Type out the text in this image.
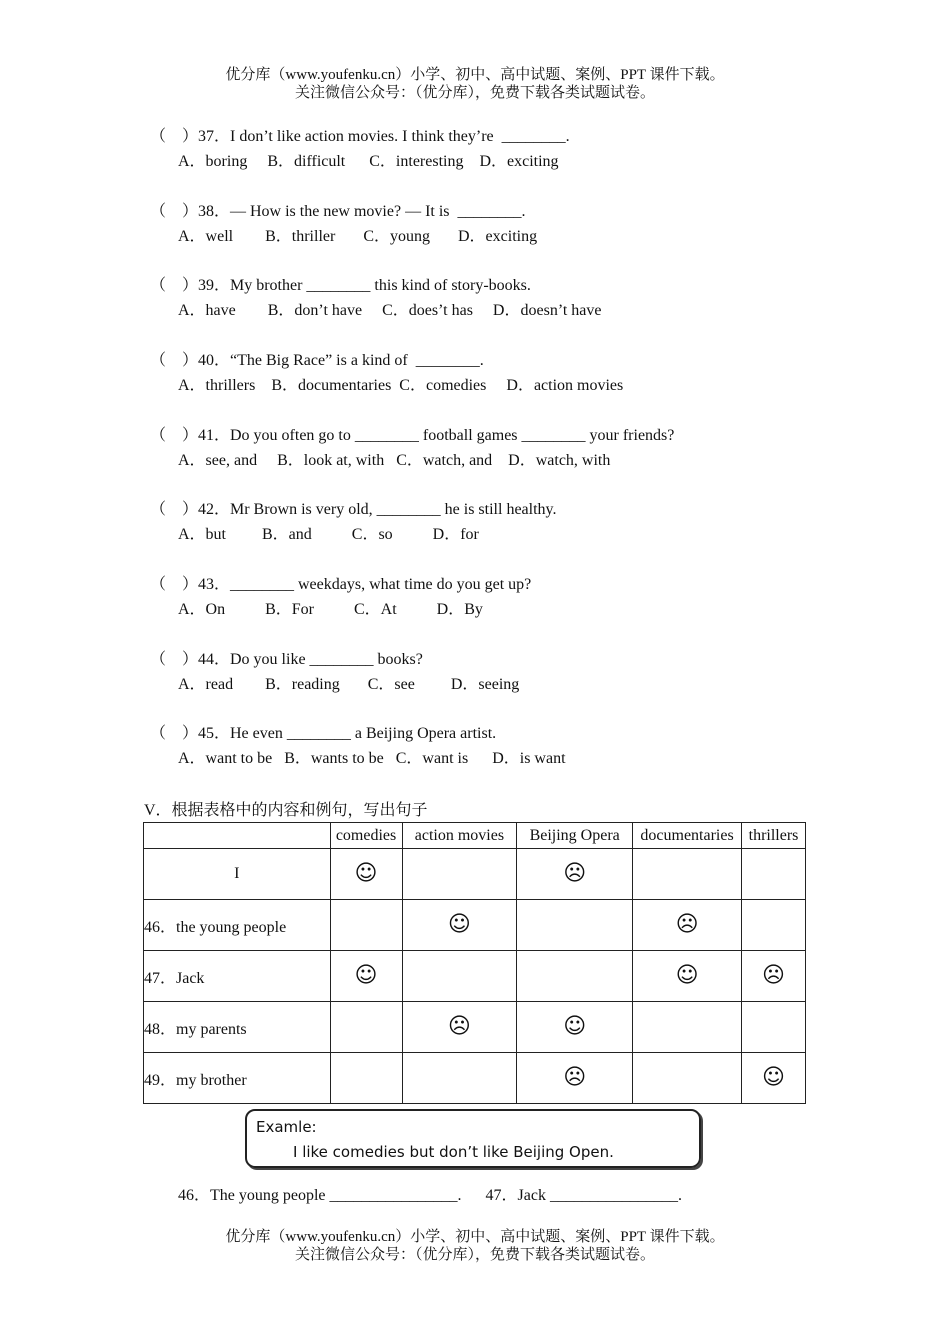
优分库（www.youfenku.cn）小学、初中、高中试题、案例、PPT 课件下载。
关注微信公众号：（优分库），免费下载各类试题试卷。
（    ）37．I don’t like action movies. I think they’re  ________.
A．boring     B．difficult      C．interesting    D．exciting
（    ）38．— How is the new movie? — It is  ________.
A．well        B．thriller       C．young       D．exciting
（    ）39．My brother ________ this kind of story-books.
A．have        B．don’t have     C．does’t has     D．doesn’t have
（    ）40．“The Big Race” is a kind of  ________.
A．thrillers    B．documentaries  C．comedies     D．action movies
（    ）41．Do you often go to ________ football games ________ your friends?
A．see, and     B．look at, with   C．watch, and    D．watch, with
（    ）42．Mr Brown is very old, ________ he is still healthy.
A．but         B．and          C．so          D．for
（    ）43．________ weekdays, what time do you get up?
A．On          B．For          C．At          D．By
（    ）44．Do you like ________ books?
A．read        B．reading       C．see         D．seeing
（    ）45．He even ________ a Beijing Opera artist.
A．want to be   B．wants to be   C．want is      D．is want
V．根据表格中的内容和例句，写出句子
	comedies	action movies	Beijing Opera	documentaries	thrillers
I	☺		☹		
46．the young people		☺		☹	
47．Jack	☺			☺	☹
48．my parents		☹	☺		
49．my brother			☹		☺
Examle:
I like comedies but don’t like Beijing Open.
46．The young people ________________.      47．Jack ________________.
优分库（www.youfenku.cn）小学、初中、高中试题、案例、PPT 课件下载。
关注微信公众号：（优分库），免费下载各类试题试卷。
